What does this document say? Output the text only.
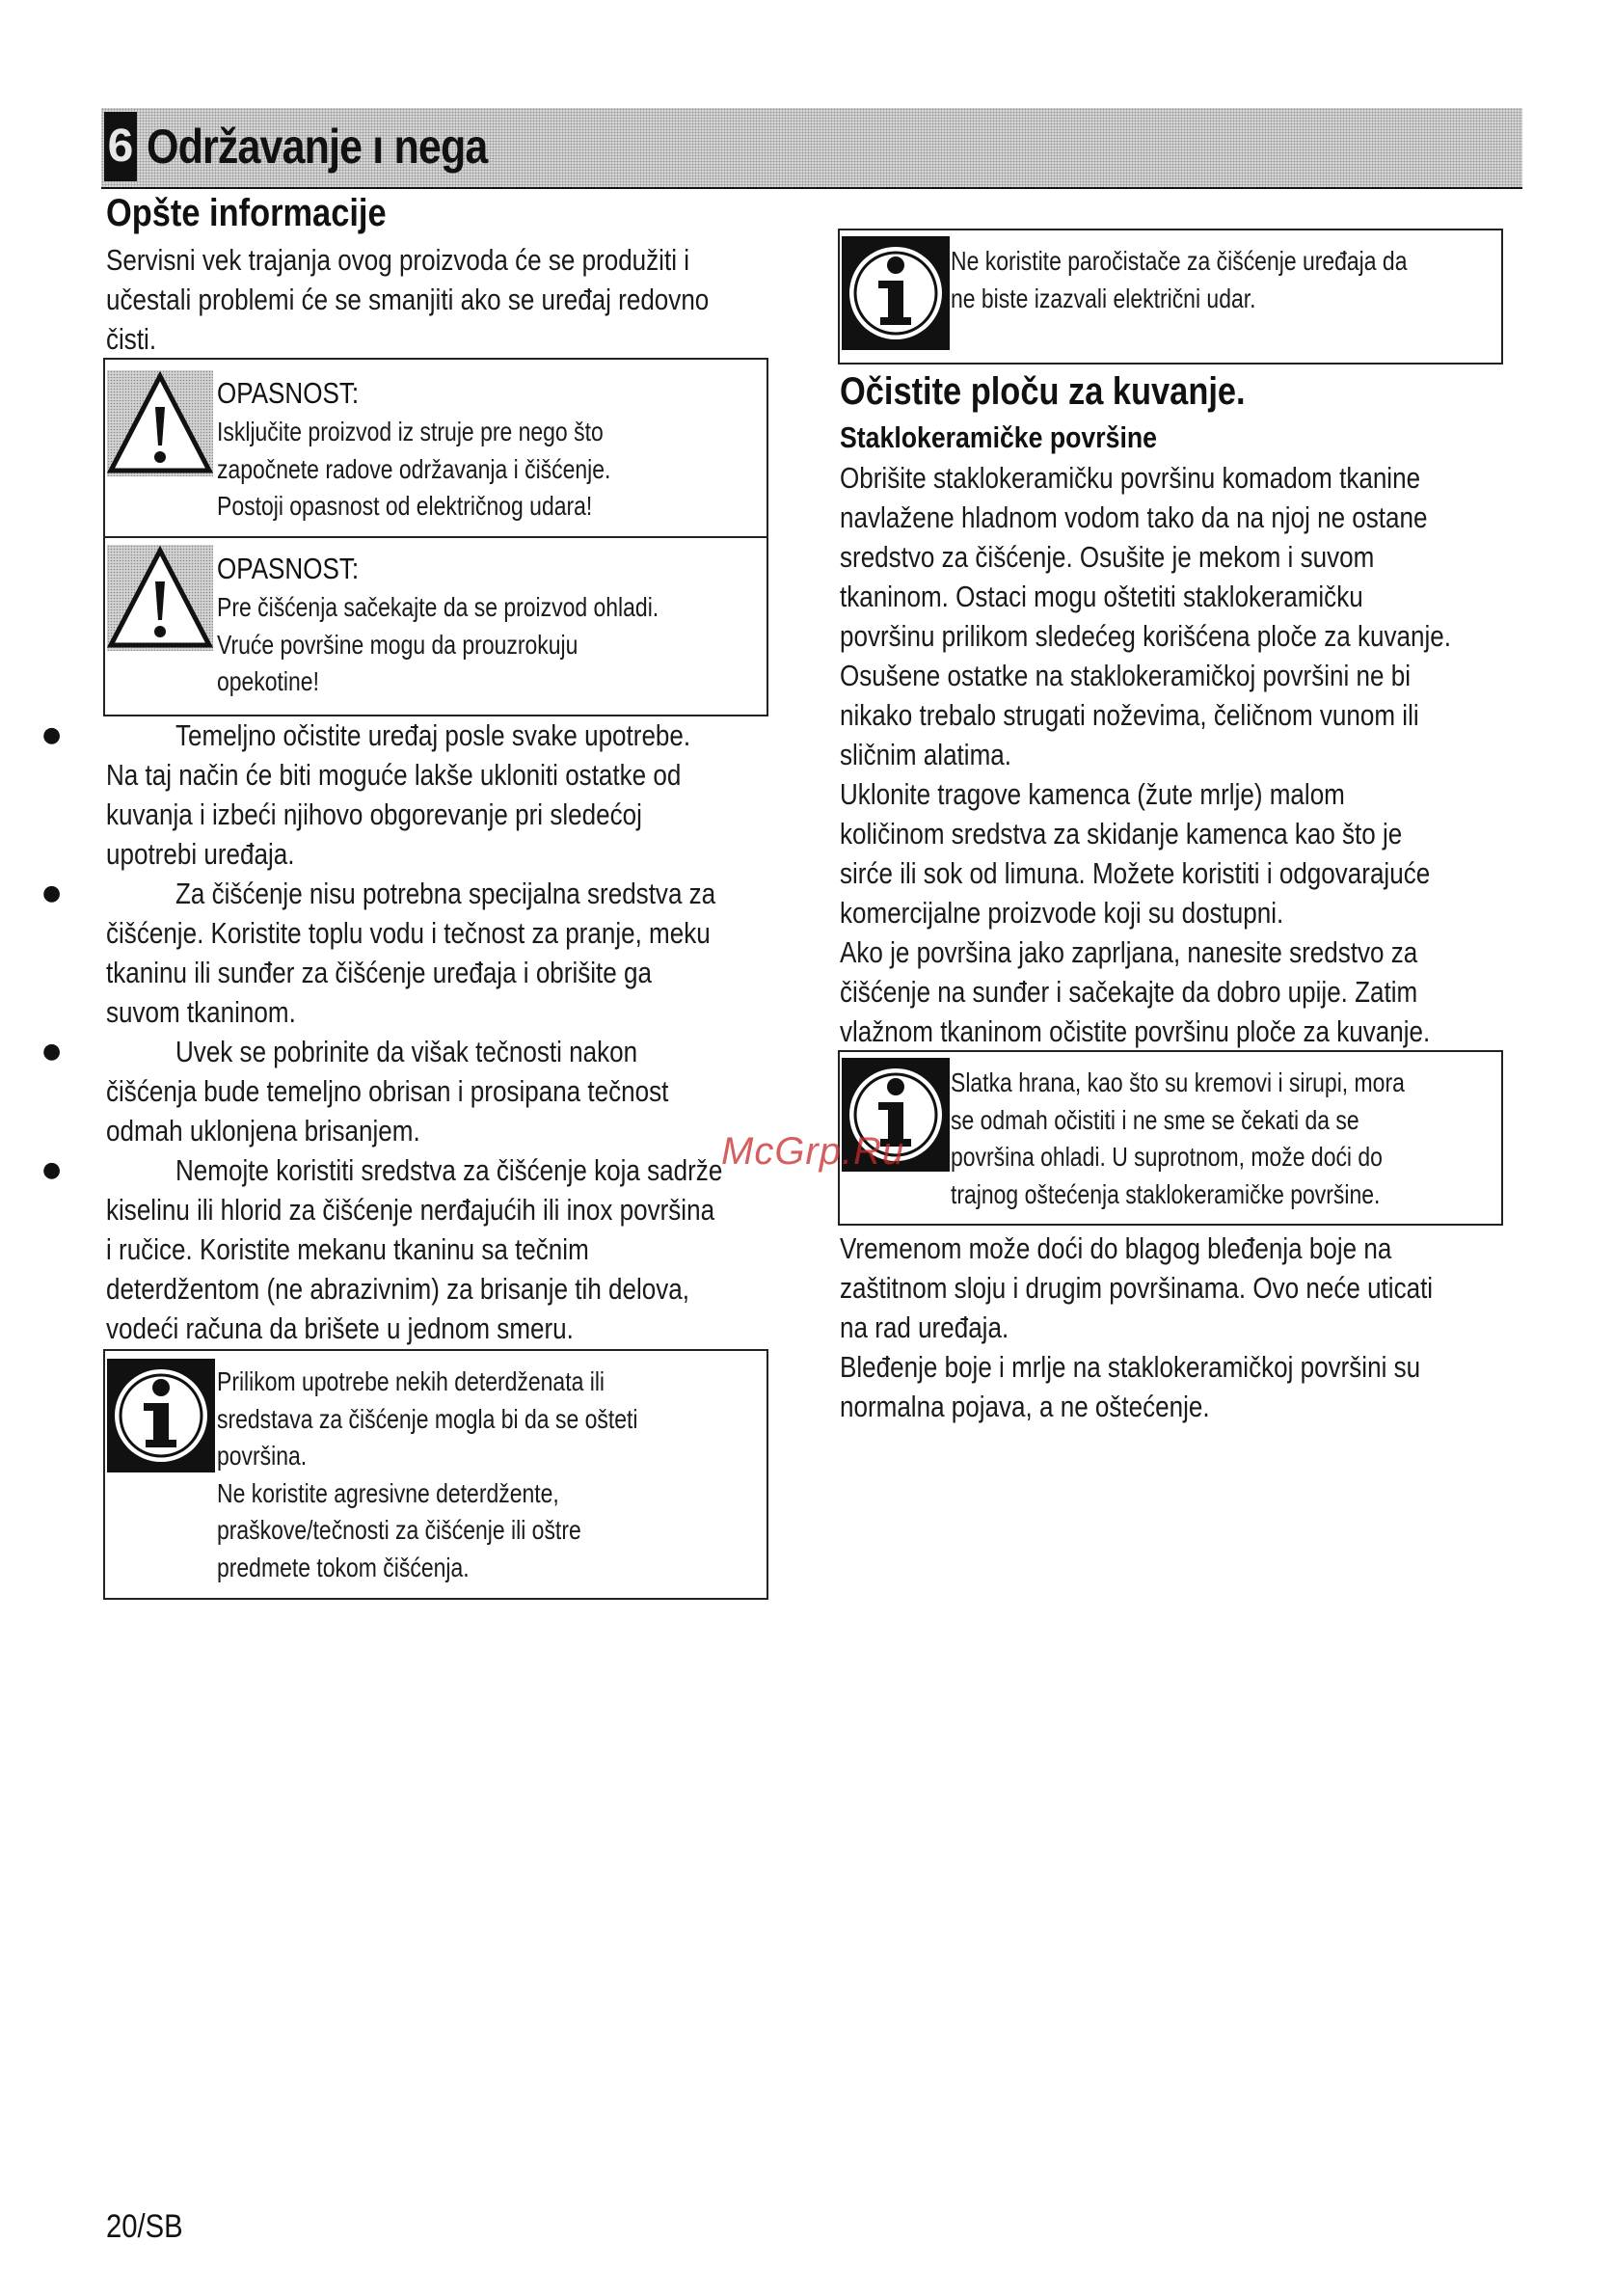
6 Održavanje ı nega
Opšte informacije
Servisni vek trajanja ovog proizvoda će se produžiti i
učestali problemi će se smanjiti ako se uređaj redovno
čisti.
OPASNOST:
Isključite proizvod iz struje pre nego što
započnete radove održavanja i čišćenje.
Postoji opasnost od električnog udara!
OPASNOST:
Pre čišćenja sačekajte da se proizvod ohladi.
Vruće površine mogu da prouzrokuju
opekotine!
●	Temeljno očistite uređaj posle svake upotrebe.
Na taj način će biti moguće lakše ukloniti ostatke od
kuvanja i izbeći njihovo obgorevanje pri sledećoj
upotrebi uređaja.
●	Za čišćenje nisu potrebna specijalna sredstva za
čišćenje. Koristite toplu vodu i tečnost za pranje, meku
tkaninu ili sunđer za čišćenje uređaja i obrišite ga
suvom tkaninom.
●	Uvek se pobrinite da višak tečnosti nakon
čišćenja bude temeljno obrisan i prosipana tečnost
odmah uklonjena brisanjem.
●	Nemojte koristiti sredstva za čišćenje koja sadrže
kiselinu ili hlorid za čišćenje nerđajućih ili inox površina
i ručice. Koristite mekanu tkaninu sa tečnim
deterdžentom (ne abrazivnim) za brisanje tih delova,
vodeći računa da brišete u jednom smeru.
Prilikom upotrebe nekih deterdženata ili
sredstava za čišćenje mogla bi da se ošteti
površina.
Ne koristite agresivne deterdžente,
praškove/tečnosti za čišćenje ili oštre
predmete tokom čišćenja.
Ne koristite paročistače za čišćenje uređaja da
ne biste izazvali električni udar.
Očistite ploču za kuvanje.
Staklokeramičke površine
Obrišite staklokeramičku površinu komadom tkanine
navlažene hladnom vodom tako da na njoj ne ostane
sredstvo za čišćenje. Osušite je mekom i suvom
tkaninom. Ostaci mogu oštetiti staklokeramičku
površinu prilikom sledećeg korišćena ploče za kuvanje.
Osušene ostatke na staklokeramičkoj površini ne bi
nikako trebalo strugati noževima, čeličnom vunom ili
sličnim alatima.
Uklonite tragove kamenca (žute mrlje) malom
količinom sredstva za skidanje kamenca kao što je
sirće ili sok od limuna. Možete koristiti i odgovarajuće
komercijalne proizvode koji su dostupni.
Ako je površina jako zaprljana, nanesite sredstvo za
čišćenje na sunđer i sačekajte da dobro upije. Zatim
vlažnom tkaninom očistite površinu ploče za kuvanje.
Slatka hrana, kao što su kremovi i sirupi, mora
se odmah očistiti i ne sme se čekati da se
površina ohladi. U suprotnom, može doći do
trajnog oštećenja staklokeramičke površine.
Vremenom može doći do blagog bleđenja boje na
zaštitnom sloju i drugim površinama. Ovo neće uticati
na rad uređaja.
Bleđenje boje i mrlje na staklokeramičkoj površini su
normalna pojava, a ne oštećenje.
McGrp.Ru
20/SB
